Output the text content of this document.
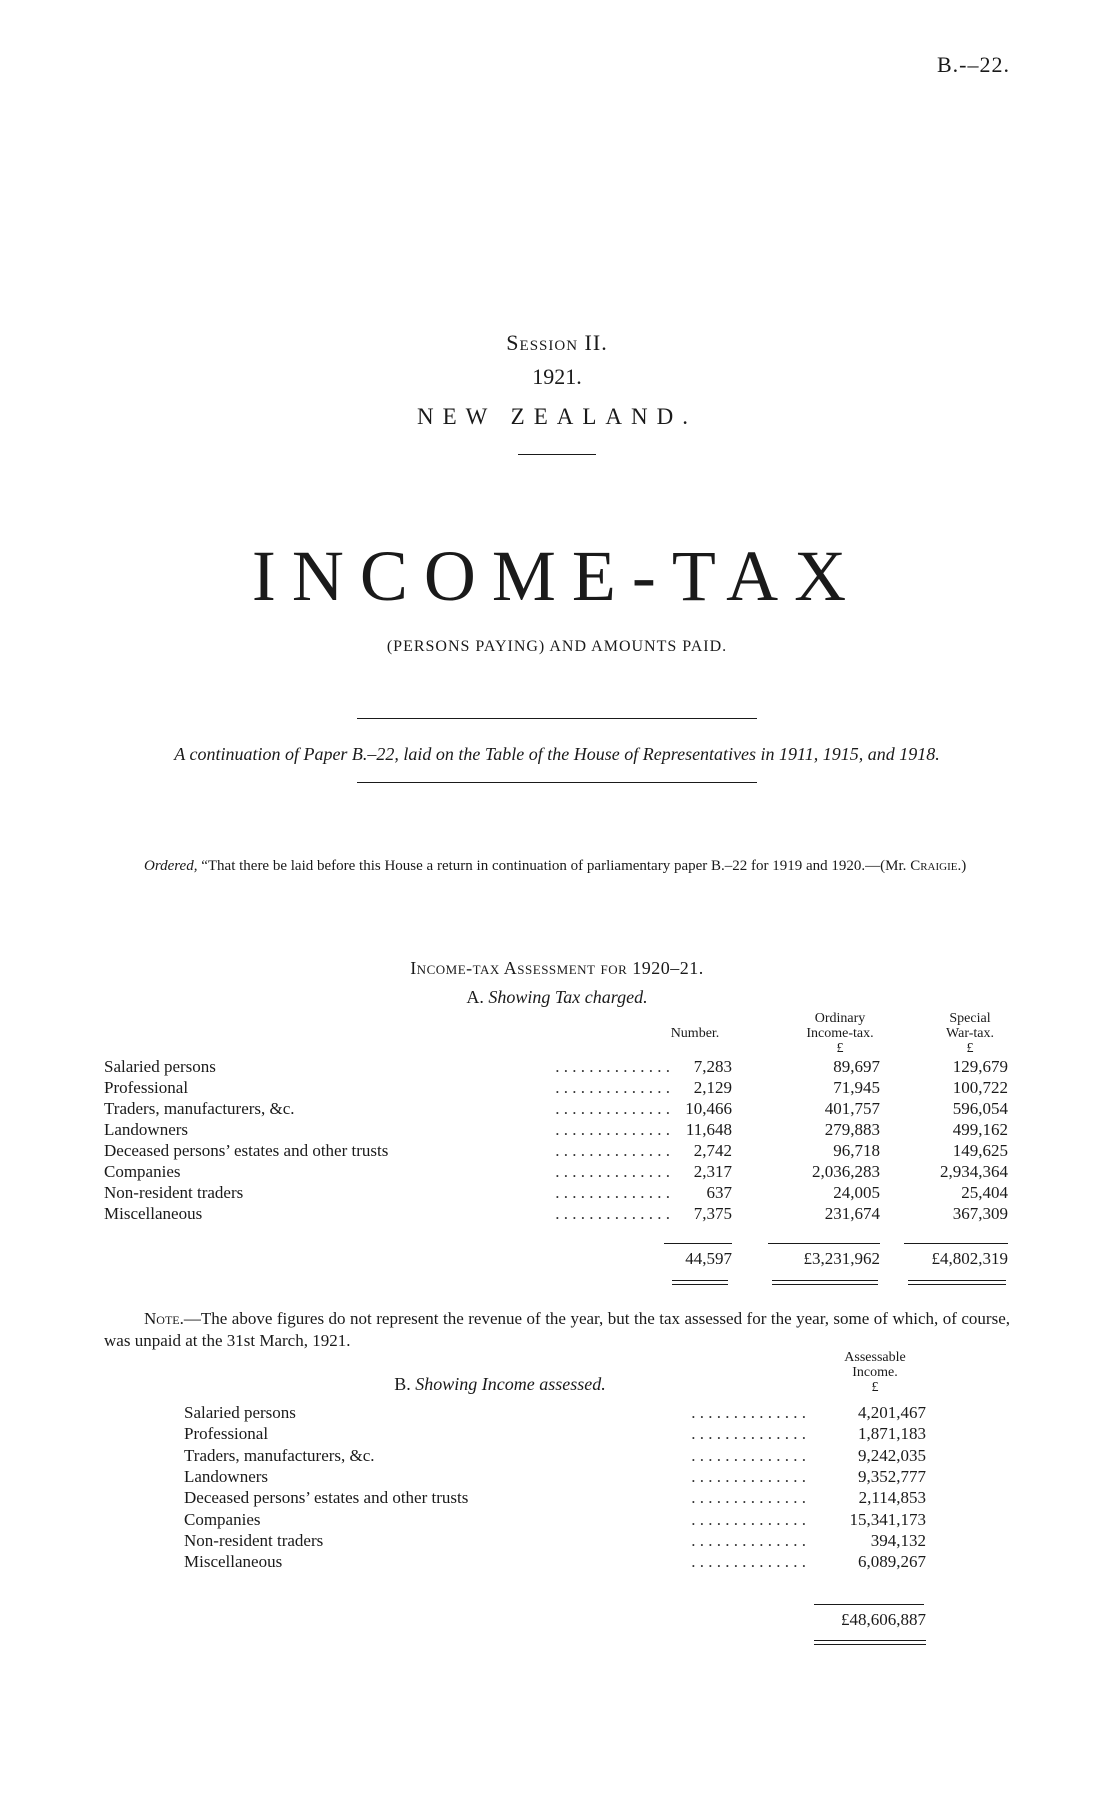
B.-–22.
Session II.
1921.
NEW ZEALAND.
INCOME-TAX
(PERSONS PAYING) AND AMOUNTS PAID.
A continuation of Paper B.–22, laid on the Table of the House of Representatives in 1911, 1915, and 1918.
Ordered, “That there be laid before this House a return in continuation of parliamentary paper B.–22 for 1919 and 1920.—(Mr. Craigie.)
Income-tax Assessment for 1920–21.
A. Showing Tax charged.
Number.
Ordinary
Income-tax.
£
Special
War-tax.
£
. . . . . . . . . . . . . .
Salaried persons	7,283	89,697	129,679
. . . . . . . . . . . . . .
Professional	2,129	71,945	100,722
. . . . . . . . . . . . . .
Traders, manufacturers, &c.	10,466	401,757	596,054
. . . . . . . . . . . . . .
Landowners	11,648	279,883	499,162
. . . . . . . . . . . . . .
Deceased persons’ estates and other trusts	2,742	96,718	149,625
. . . . . . . . . . . . . .
Companies	2,317	2,036,283	2,934,364
. . . . . . . . . . . . . .
Non-resident traders	637	24,005	25,404
. . . . . . . . . . . . . .
Miscellaneous	7,375	231,674	367,309
44,597	£3,231,962	£4,802,319
Note.—The above figures do not represent the revenue of the year, but the tax assessed for the year, some of which, of course, was unpaid at the 31st March, 1921.
B. Showing Income assessed.
Assessable
Income.
£
. . . . . . . . . . . . . .
Salaried persons	4,201,467
. . . . . . . . . . . . . .
Professional	1,871,183
. . . . . . . . . . . . . .
Traders, manufacturers, &c.	9,242,035
. . . . . . . . . . . . . .
Landowners	9,352,777
. . . . . . . . . . . . . .
Deceased persons’ estates and other trusts	2,114,853
. . . . . . . . . . . . . .
Companies	15,341,173
. . . . . . . . . . . . . .
Non-resident traders	394,132
. . . . . . . . . . . . . .
Miscellaneous	6,089,267
£48,606,887
